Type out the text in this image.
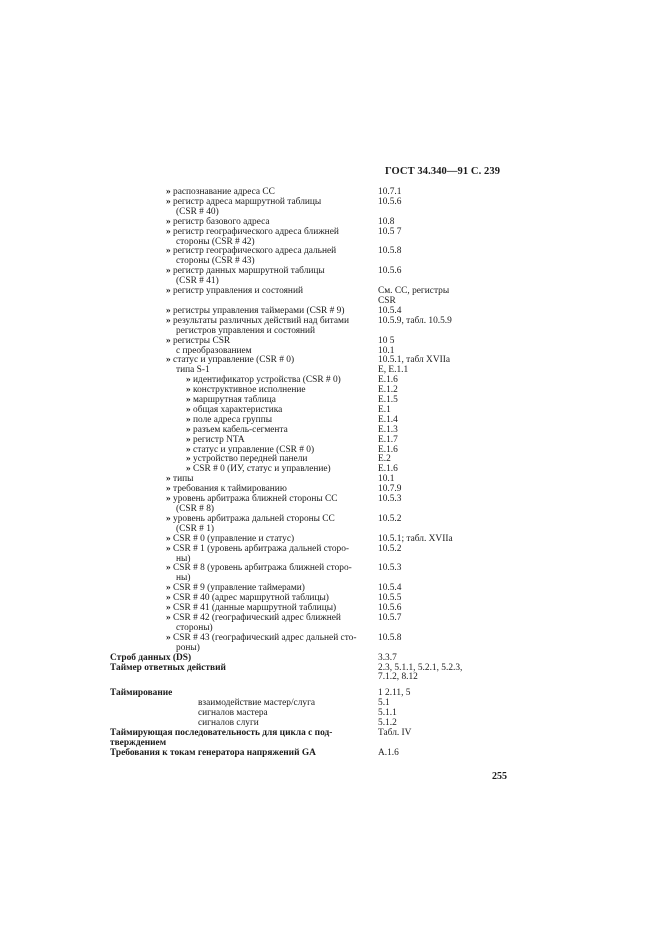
ГОСТ 34.340—91 С. 239
» распознавание адреса СС	10.7.1
» регистр адреса маршрутной таблицы	10.5.6
(CSR # 40)
» регистр базового адреса	10.8
» регистр географического адреса ближней	10.5 7
стороны (CSR # 42)
» регистр географического адреса дальней	10.5.8
стороны (CSR # 43)
» регистр данных маршрутной таблицы	10.5.6
(CSR # 41)
» регистр управления и состояний	См. СС, регистры
CSR
» регистры управления таймерами (CSR # 9)	10.5.4
» результаты различных действий над битами	10.5.9, табл. 10.5.9
регистров управления и состояний
» регистры CSR	10 5
с преобразованием	10.1
» статус и управление (CSR # 0)	10.5.1, табл XVIIа
типа S-1	Е, Е.1.1
» идентификатор устройства (CSR # 0)	Е.1.6
» конструктивное исполнение	Е.1.2
» маршрутная таблица	Е.1.5
» общая характеристика	Е.1
» поле адреса группы	Е.1.4
» разъем кабель-сегмента	Е.1.3
» регистр NTA	Е.1.7
» статус и управление (CSR # 0)	Е.1.6
» устройство передней панели	Е.2
» CSR # 0 (ИУ, статус и управление)	Е.1.6
» типы	10.1
» требования к таймированию	10.7.9
» уровень арбитража ближней стороны СС	10.5.3
(CSR # 8)
» уровень арбитража дальней стороны СС	10.5.2
(CSR # 1)
» CSR # 0 (управление и статус)	10.5.1; табл. XVIIа
» CSR # 1 (уровень арбитража дальней сторо-	10.5.2
ны)
» CSR # 8 (уровень арбитража ближней сторо-	10.5.3
ны)
» CSR # 9 (управление таймерами)	10.5.4
» CSR # 40 (адрес маршрутной таблицы)	10.5.5
» CSR # 41 (данные маршрутной таблицы)	10.5.6
» CSR # 42 (географический адрес ближней	10.5.7
стороны)
» CSR # 43 (географический адрес дальней сто-	10.5.8
роны)
Строб данных (DS)	3.3.7
Таймер ответных действий	2.3, 5.1.1, 5.2.1, 5.2.3,
7.1.2, 8.12
Таймирование	1 2.11, 5
взаимодействие мастер/слуга	5.1
сигналов мастера	5.1.1
сигналов слуги	5.1.2
Таймирующая последовательность для цикла с под-	Табл. IV
тверждением
Требования к токам генератора напряжений GA	А.1.6
255
